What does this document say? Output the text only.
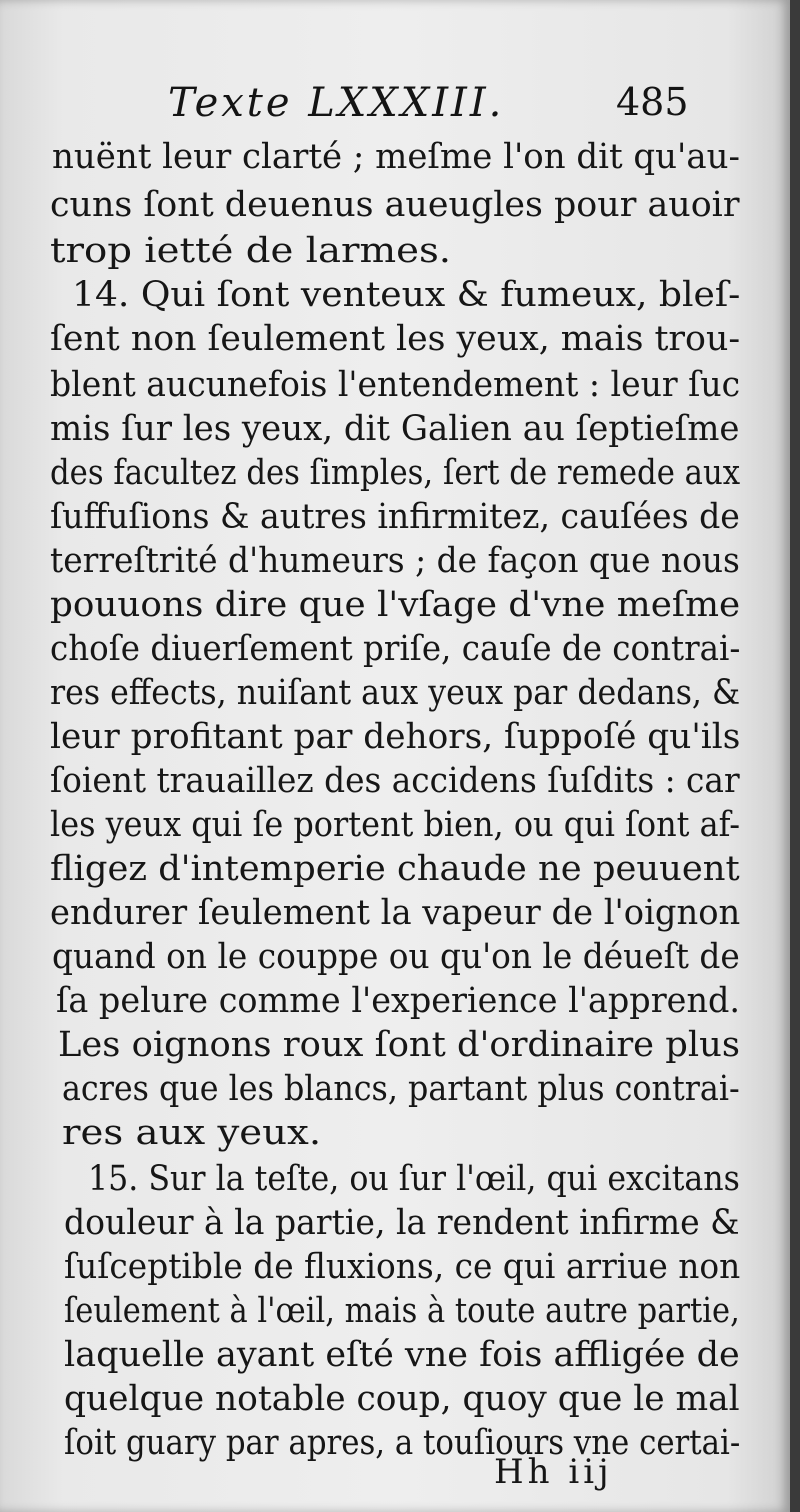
Texte LXXXIII.	485
nuënt leur clarté ; meſme l'on dit qu'au-
cuns ſont deuenus aueugles pour auoir
trop ietté de larmes.
14. Qui ſont venteux & fumeux, bleſ-
ſent non ſeulement les yeux, mais trou-
blent aucunefois l'entendement : leur ſuc
mis ſur les yeux, dit Galien au ſeptieſme
des facultez des ſimples, ſert de remede aux
ſuffuſions & autres infirmitez, cauſées de
terreſtrité d'humeurs ; de façon que nous
pouuons dire que l'vſage d'vne meſme
choſe diuerſement priſe, cauſe de contrai-
res effects, nuiſant aux yeux par dedans, &
leur profitant par dehors, ſuppoſé qu'ils
ſoient trauaillez des accidens ſuſdits : car
les yeux qui ſe portent bien, ou qui ſont af-
fligez d'intemperie chaude ne peuuent
endurer ſeulement la vapeur de l'oignon
quand on le couppe ou qu'on le déueſt de
ſa pelure comme l'experience l'apprend.
Les oignons roux ſont d'ordinaire plus
acres que les blancs, partant plus contrai-
res aux yeux.
15. Sur la teſte, ou ſur l'œil, qui excitans
douleur à la partie, la rendent infirme &
ſuſceptible de fluxions, ce qui arriue non
ſeulement à l'œil, mais à toute autre partie,
laquelle ayant eſté vne fois affligée de
quelque notable coup, quoy que le mal
ſoit guary par apres, a touſiours vne certai-
Hh iij
